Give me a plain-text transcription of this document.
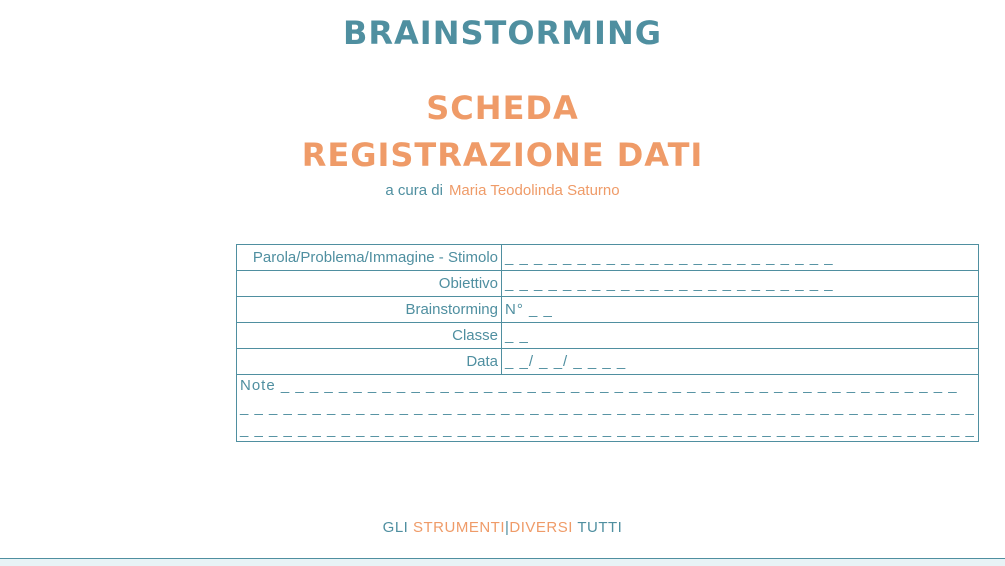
BRAINSTORMING
SCHEDA
REGISTRAZIONE DATI
a cura di Maria Teodolinda Saturno
Parola/Problema/Immagine - Stimolo	_ _ _ _ _ _ _ _ _ _ _ _ _ _ _ _ _ _ _ _ _ _ _
Obiettivo	_ _ _ _ _ _ _ _ _ _ _ _ _ _ _ _ _ _ _ _ _ _ _
Brainstorming	N° _ _
Classe	_ _
Data	_ _/ _ _/ _ _ _ _

Note _ _ _ _ _ _ _ _ _ _ _ _ _ _ _ _ _ _ _ _ _ _ _ _ _ _ _ _ _ _ _ _ _ _ _ _ _ _ _ _ _ _ _ _ _ _ _
_ _ _ _ _ _ _ _ _ _ _ _ _ _ _ _ _ _ _ _ _ _ _ _ _ _ _ _ _ _ _ _ _ _ _ _ _ _ _ _ _ _ _ _ _ _ _ _ _ _ _
_ _ _ _ _ _ _ _ _ _ _ _ _ _ _ _ _ _ _ _ _ _ _ _ _ _ _ _ _ _ _ _ _ _ _ _ _ _ _ _ _ _ _ _ _ _ _ _ _ _ _	
GLI STRUMENTI|DIVERSI TUTTI
